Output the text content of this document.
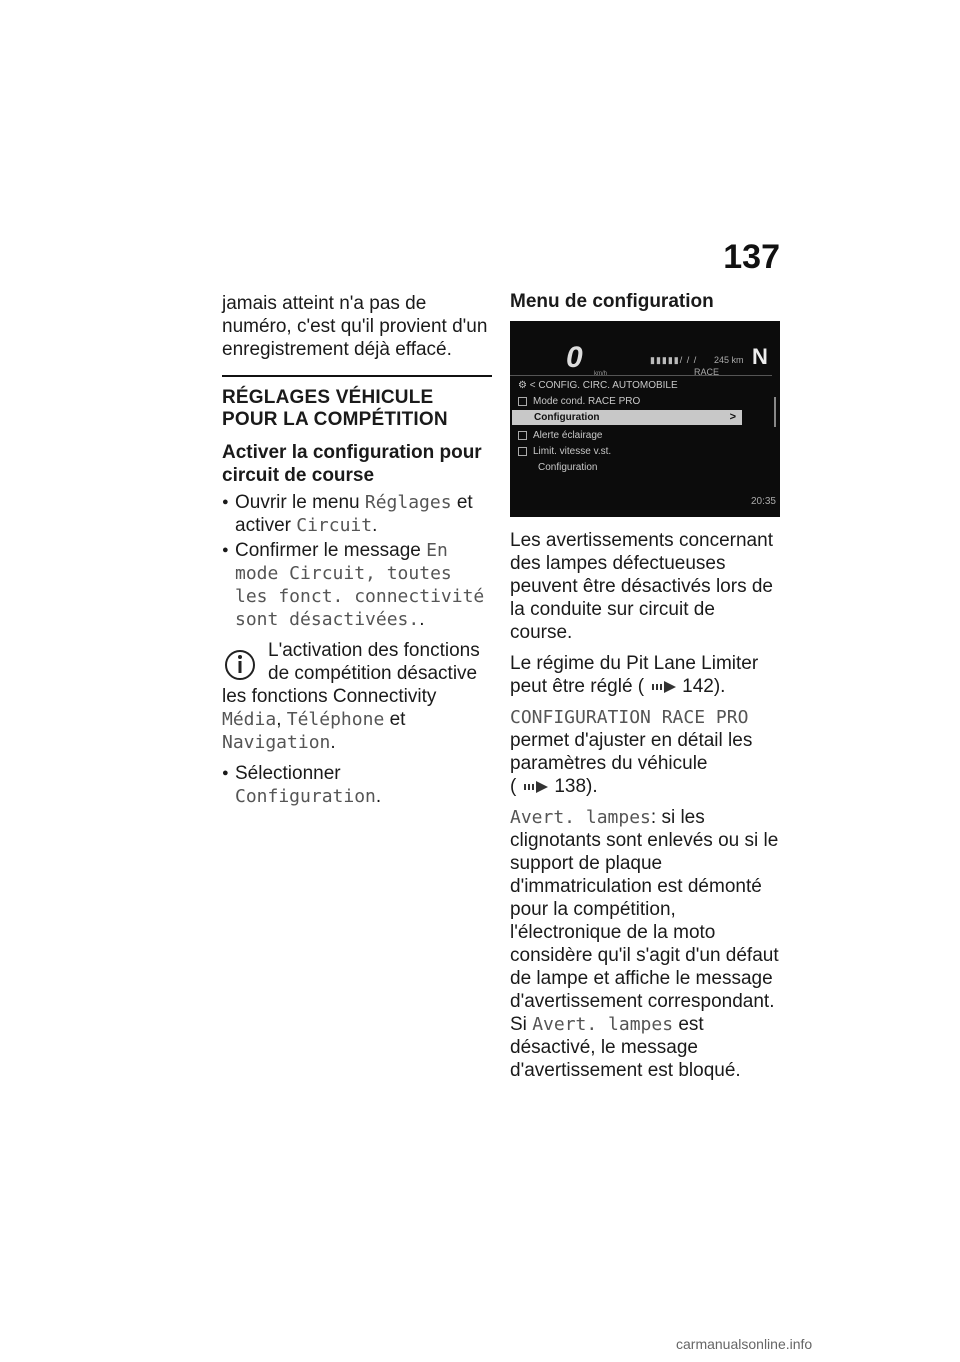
137

jamais atteint n'a pas de numéro, c'est qu'il provient d'un enregistrement déjà effacé.

RÉGLAGES VÉHICULE POUR LA COMPÉTITION
Activer la configuration pour circuit de course
● Ouvrir le menu Réglages et activer Circuit.
● Confirmer le message En mode Circuit, toutes les fonct. connectivité sont désactivées..
L'activation des fonctions de compétition désactive les fonctions Connectivity Média, Téléphone et Navigation.
● Sélectionner Configuration.
Menu de configuration
0 km/h
▮▮▮▮▮/ / / 245 km
RACE
N
⚙ < CONFIG. CIRC. AUTOMOBILE
Mode cond. RACE PRO
Configuration	>
Alerte éclairage
Limit. vitesse v.st.
Configuration
20:35

Les avertissements concernant des lampes défectueuses peuvent être désactivés lors de la conduite sur circuit de course.

Le régime du Pit Lane Limiter peut être réglé ( 142).

CONFIGURATION RACE PRO
permet d'ajuster en détail les paramètres du véhicule
( 138).

Avert. lampes: si les clignotants sont enlevés ou si le support de plaque d'immatriculation est démonté pour la compétition, l'électronique de la moto considère qu'il s'agit d'un défaut de lampe et affiche le message d'avertissement correspondant. Si Avert. lampes est désactivé, le message d'avertissement est bloqué.

carmanualsonline.info
